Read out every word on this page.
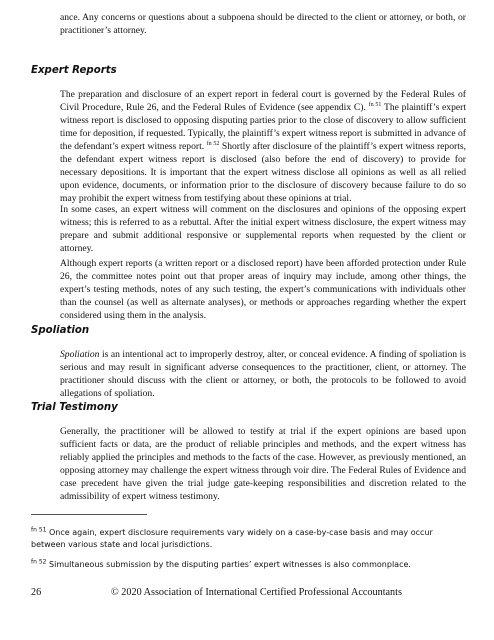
ance. Any concerns or questions about a subpoena should be directed to the client or attorney, or both, or practitioner’s attorney.

Expert Reports

The preparation and disclosure of an expert report in federal court is governed by the Federal Rules of Civil Procedure, Rule 26, and the Federal Rules of Evidence (see appendix C). $^{fn 51}$ The plaintiff’s expert witness report is disclosed to opposing disputing parties prior to the close of discovery to allow sufficient time for deposition, if requested. Typically, the plaintiff’s expert witness report is submitted in advance of the defendant’s expert witness report. $^{fn 52}$ Shortly after disclosure of the plaintiff’s expert witness reports, the defendant expert witness report is disclosed (also before the end of discovery) to provide for necessary depositions. It is important that the expert witness disclose all opinions as well as all relied upon evidence, documents, or information prior to the disclosure of discovery because failure to do so may prohibit the expert witness from testifying about these opinions at trial.

In some cases, an expert witness will comment on the disclosures and opinions of the opposing expert witness; this is referred to as a rebuttal. After the initial expert witness disclosure, the expert witness may prepare and submit additional responsive or supplemental reports when requested by the client or attorney.

Although expert reports (a written report or a disclosed report) have been afforded protection under Rule 26, the committee notes point out that proper areas of inquiry may include, among other things, the expert’s testing methods, notes of any such testing, the expert’s communications with individuals other than the counsel (as well as alternate analyses), or methods or approaches regarding whether the expert considered using them in the analysis.

Spoliation

Spoliation is an intentional act to improperly destroy, alter, or conceal evidence. A finding of spoliation is serious and may result in significant adverse consequences to the practitioner, client, or attorney. The practitioner should discuss with the client or attorney, or both, the protocols to be followed to avoid allegations of spoliation.

Trial Testimony

Generally, the practitioner will be allowed to testify at trial if the expert opinions are based upon sufficient facts or data, are the product of reliable principles and methods, and the expert witness has reliably applied the principles and methods to the facts of the case. However, as previously mentioned, an opposing attorney may challenge the expert witness through voir dire. The Federal Rules of Evidence and case precedent have given the trial judge gate-keeping responsibilities and discretion related to the admissibility of expert witness testimony.

$^{fn 51}$ Once again, expert disclosure requirements vary widely on a case-by-case basis and may occur between various state and local jurisdictions.

$^{fn 52}$ Simultaneous submission by the disputing parties’ expert witnesses is also commonplace.

26	© 2020 Association of International Certified Professional Accountants
